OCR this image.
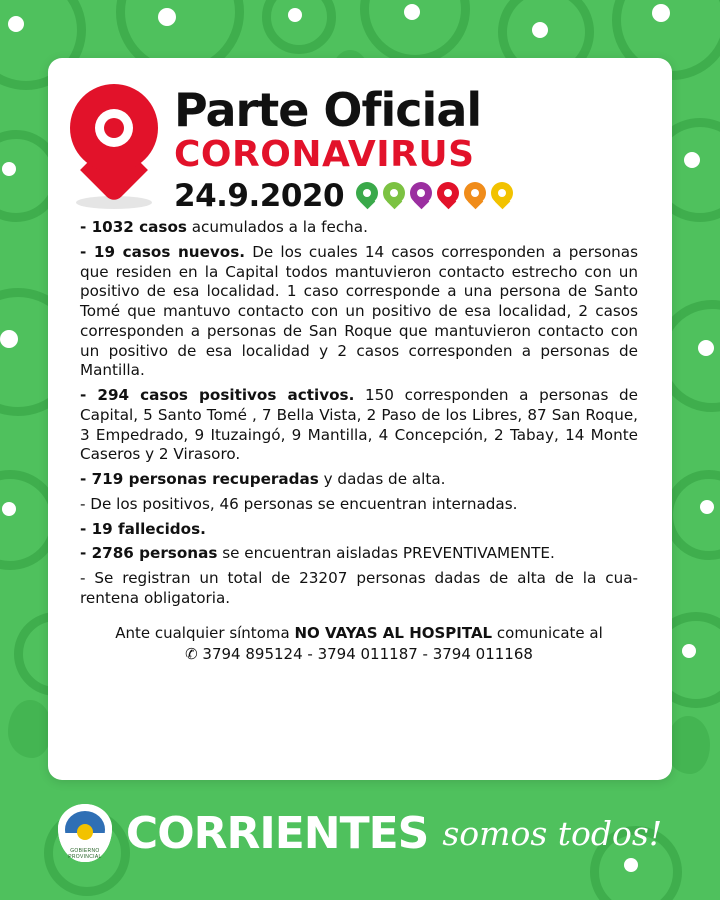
Parte Oficial
CORONAVIRUS
24.9.2020

- 1032 casos acumulados a la fecha.

- 19 casos nuevos. De los cuales 14 casos corresponden a personas que residen en la Capital todos mantuvieron contacto estrecho con un positivo de esa localidad. 1 caso corresponde a una persona de Santo Tomé que mantuvo contacto con un positivo de esa localidad, 2 casos corresponden a personas de San Roque que mantuvieron contacto con un positivo de esa localidad y 2 casos corresponden a personas de Mantilla.

- 294 casos positivos activos. 150 corresponden a personas de Capital, 5 Santo Tomé , 7 Bella Vista, 2 Paso de los Libres, 87 San Roque, 3 Empedrado, 9 Ituzaingó, 9 Mantilla, 4 Concepción, 2 Tabay, 14 Monte Caseros y 2 Virasoro.

- 719 personas recuperadas y dadas de alta.

- De los positivos, 46 personas se encuentran internadas.

- 19 fallecidos.

- 2786 personas se encuentran aisladas PREVENTIVAMENTE.

- Se registran un total de 23207 personas dadas de alta de la cua-rentena obligatoria.

Ante cualquier síntoma NO VAYAS AL HOSPITAL comunicate al
✆ 3794 895124 - 3794 011187 - 3794 011168
GOBIERNO PROVINCIAL CORRIENTES somos todos!
